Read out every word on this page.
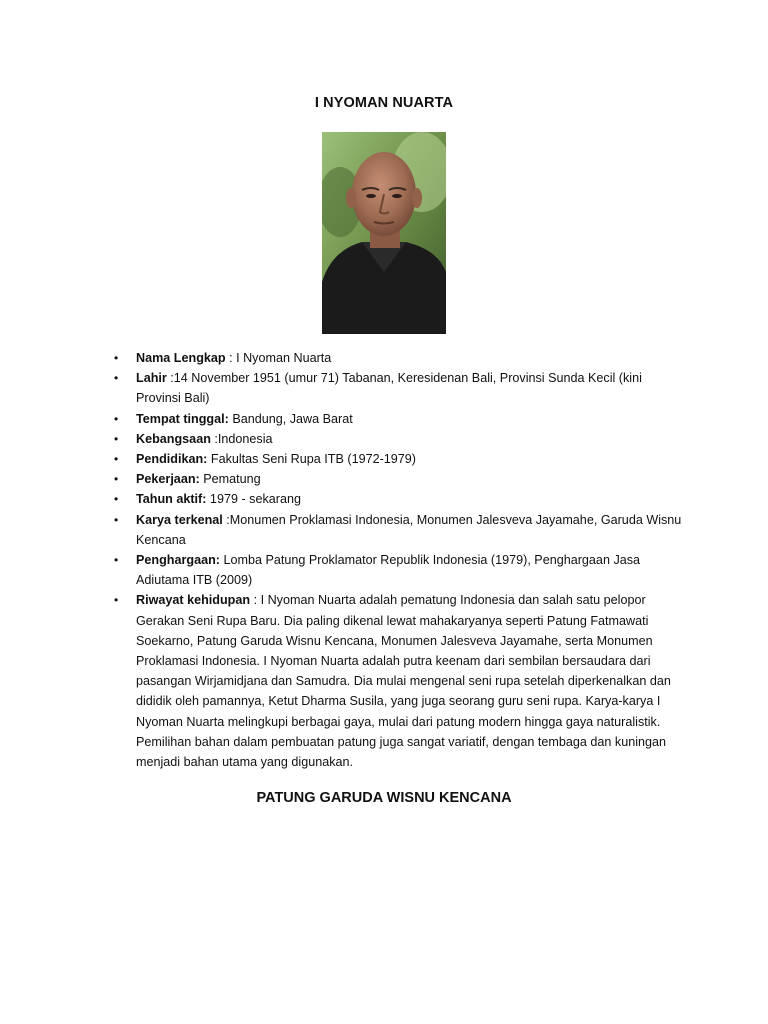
I NYOMAN NUARTA
• Nama Lengkap : I Nyoman Nuarta
• Lahir :14 November 1951 (umur 71) Tabanan, Keresidenan Bali, Provinsi Sunda Kecil (kini Provinsi Bali)
• Tempat tinggal: Bandung, Jawa Barat
• Kebangsaan :Indonesia
• Pendidikan: Fakultas Seni Rupa ITB (1972-1979)
• Pekerjaan: Pematung
• Tahun aktif: 1979 - sekarang
• Karya terkenal :Monumen Proklamasi Indonesia, Monumen Jalesveva Jayamahe, Garuda Wisnu Kencana
• Penghargaan: Lomba Patung Proklamator Republik Indonesia (1979), Penghargaan Jasa Adiutama ITB (2009)
• Riwayat kehidupan : I Nyoman Nuarta adalah pematung Indonesia dan salah satu pelopor Gerakan Seni Rupa Baru. Dia paling dikenal lewat mahakaryanya seperti Patung Fatmawati Soekarno, Patung Garuda Wisnu Kencana, Monumen Jalesveva Jayamahe, serta Monumen Proklamasi Indonesia. I Nyoman Nuarta adalah putra keenam dari sembilan bersaudara dari pasangan Wirjamidjana dan Samudra. Dia mulai mengenal seni rupa setelah diperkenalkan dan dididik oleh pamannya, Ketut Dharma Susila, yang juga seorang guru seni rupa. Karya-karya I Nyoman Nuarta melingkupi berbagai gaya, mulai dari patung modern hingga gaya naturalistik. Pemilihan bahan dalam pembuatan patung juga sangat variatif, dengan tembaga dan kuningan menjadi bahan utama yang digunakan.
PATUNG GARUDA WISNU KENCANA
